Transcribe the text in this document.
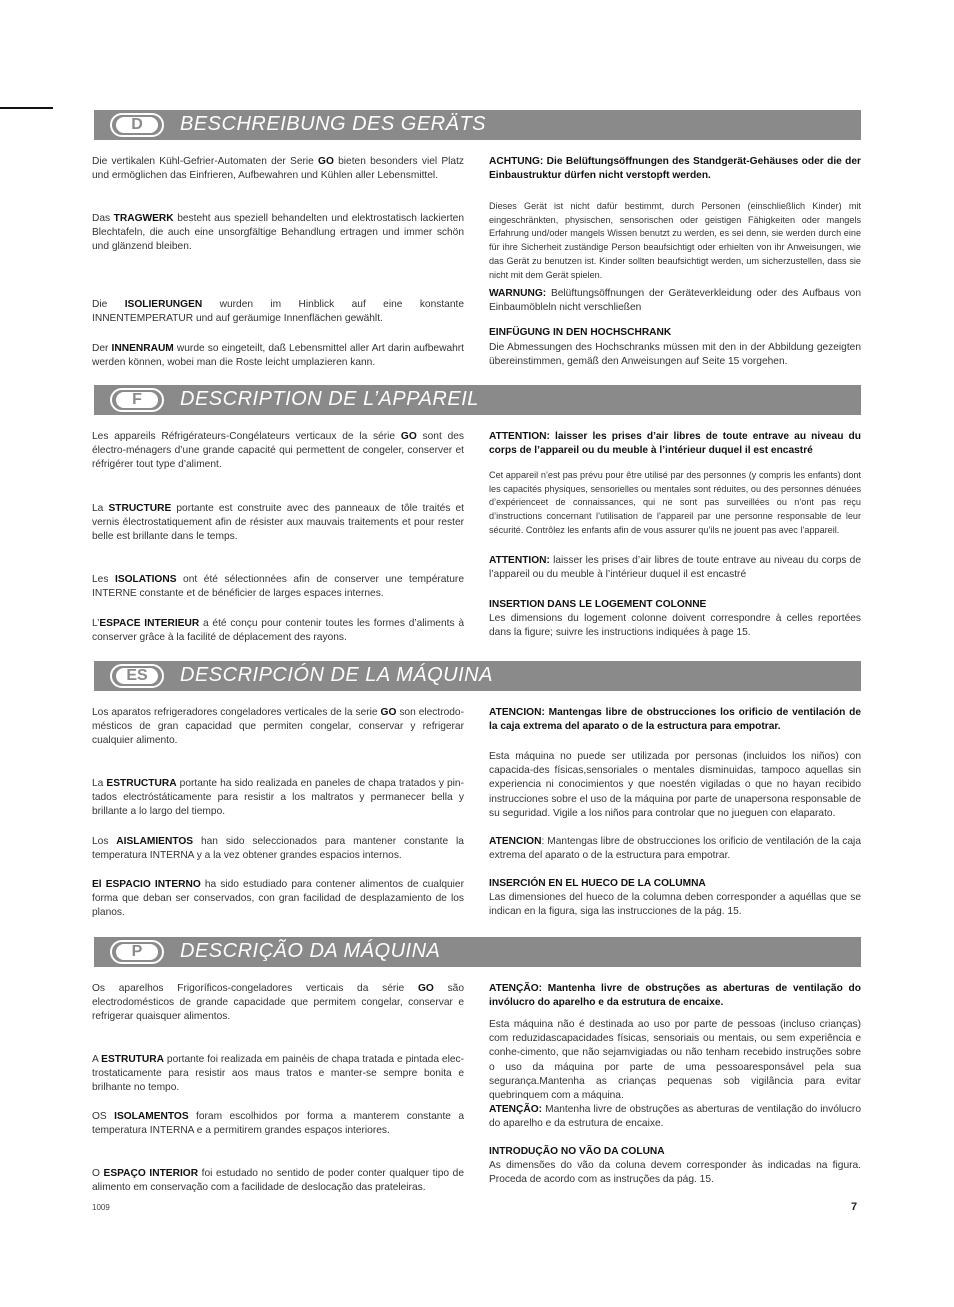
D	BESCHREIBUNG DES GERÄTS

Die vertikalen Kühl-Gefrier-Automaten der Serie GO bieten besonders viel Platz und ermöglichen das Einfrieren, Aufbewahren und Kühlen aller Lebensmittel.

Das TRAGWERK besteht aus speziell behandelten und elektrostatisch lackierten Blechtafeln, die auch eine unsorgfältige Behandlung ertragen und immer schön und glänzend bleiben.

Die ISOLIERUNGEN wurden im Hinblick auf eine konstante INNENTEMPERATUR und auf geräumige Innenflächen gewählt.

Der INNENRAUM wurde so eingeteilt, daß Lebensmittel aller Art darin aufbewahrt werden können, wobei man die Roste leicht umplazieren kann.

ACHTUNG: Die Belüftungsöffnungen des Standgerät-Gehäuses oder die der Einbaustruktur dürfen nicht verstopft werden.

Dieses Gerät ist nicht dafür bestimmt, durch Personen (einschließlich Kinder) mit eingeschränkten, physischen, sensorischen oder geistigen Fähigkeiten oder mangels Erfahrung und/oder mangels Wissen benutzt zu werden, es sei denn, sie werden durch eine für ihre Sicherheit zuständige Person beaufsichtigt oder erhielten von ihr Anweisungen, wie das Gerät zu benutzen ist. Kinder sollten beaufsichtigt werden, um sicherzustellen, dass sie nicht mit dem Gerät spielen.

WARNUNG: Belüftungsöffnungen der Geräteverkleidung oder des Aufbaus von Einbaumöbleln nicht verschließen

EINFÜGUNG IN DEN HOCHSCHRANK

Die Abmessungen des Hochschranks müssen mit den in der Abbildung gezeigten übereinstimmen, gemäß den Anweisungen auf Seite 15 vorgehen.

F	DESCRIPTION DE L’APPAREIL

Les appareils Réfrigérateurs-Congélateurs verticaux de la série GO sont des électro-ménagers d’une grande capacité qui permettent de congeler, conserver et réfrigérer tout type d’aliment.

La STRUCTURE portante est construite avec des panneaux de tôle traités et vernis électrostatiquement afin de résister aux mauvais traitements et pour rester belle est brillante dans le temps.

Les ISOLATIONS ont été sélectionnées afin de conserver une température INTERNE constante et de bénéficier de larges espaces internes.

L’ESPACE INTERIEUR a été conçu pour contenir toutes les formes d’aliments à conserver grâce à la facilité de déplacement des rayons.

ATTENTION: laisser les prises d’air libres de toute entrave au niveau du corps de l’appareil ou du meuble à l’intérieur duquel il est encastré

Cet appareil n’est pas prévu pour être utilisé par des personnes (y compris les enfants) dont les capacités physiques, sensorielles ou mentales sont réduites, ou des personnes dénuées d’expérienceet de connaissances, qui ne sont pas surveillées ou n’ont pas reçu d’instructions concernant l’utilisation de l’appareil par une personne responsable de leur sécurité. Contrôlez les enfants afin de vous assurer qu’ils ne jouent pas avec l’appareil.

ATTENTION: laisser les prises d’air libres de toute entrave au niveau du corps de l’appareil ou du meuble à l’intérieur duquel il est encastré

INSERTION DANS LE LOGEMENT COLONNE

Les dimensions du logement colonne doivent correspondre à celles reportées dans la figure; suivre les instructions indiquées à page 15.

ES	DESCRIPCIÓN DE LA MÁQUINA

Los aparatos refrigeradores congeladores verticales de la serie GO son electrodo-mésticos de gran capacidad que permiten congelar, conservar y refrigerar cualquier alimento.

La ESTRUCTURA portante ha sido realizada en paneles de chapa tratados y pin-tados electróstáticamente para resistir a los maltratos y permanecer bella y brillante a lo largo del tiempo.

Los AISLAMIENTOS han sido seleccionados para mantener constante la temperatura INTERNA y a la vez obtener grandes espacios internos.

El ESPACIO INTERNO ha sido estudiado para contener alimentos de cualquier forma que deban ser conservados, con gran facilidad de desplazamiento de los planos.

ATENCION: Mantengas libre de obstrucciones los orificio de ventilación de la caja extrema del aparato o de la estructura para empotrar.

Esta máquina no puede ser utilizada por personas (incluidos los niños) con capacida-des físicas,sensoriales o mentales disminuidas, tampoco aquellas sin experiencia ni conocimientos y que noestén vigiladas o que no hayan recibido instrucciones sobre el uso de la máquina por parte de unapersona responsable de su seguridad. Vigile a los niños para controlar que no jueguen con elaparato.

ATENCION: Mantengas libre de obstrucciones los orificio de ventilación de la caja extrema del aparato o de la estructura para empotrar.

INSERCIÓN EN EL HUECO DE LA COLUMNA

Las dimensiones del hueco de la columna deben corresponder a aquéllas que se indican en la figura, siga las instrucciones de la pág. 15.

P	DESCRIÇÃO DA MÁQUINA

Os aparelhos Frigoríficos-congeladores verticais da série GO são electrodomésticos de grande capacidade que permitem congelar, conservar e refrigerar quaisquer alimentos.

A ESTRUTURA portante foi realizada em painéis de chapa tratada e pintada elec-trostaticamente para resistir aos maus tratos e manter-se sempre bonita e brilhante no tempo.

OS ISOLAMENTOS foram escolhidos por forma a manterem constante a temperatura INTERNA e a permitirem grandes espaços interiores.

O ESPAÇO INTERIOR foi estudado no sentido de poder conter qualquer tipo de alimento em conservação com a facilidade de deslocação das prateleiras.

ATENÇÃO: Mantenha livre de obstruções as aberturas de ventilação do invólucro do aparelho e da estrutura de encaixe.

Esta máquina não é destinada ao uso por parte de pessoas (incluso crianças) com reduzidascapacidades físicas, sensoriais ou mentais, ou sem experiência e conhe-cimento, que não sejamvigiadas ou não tenham recebido instruções sobre o uso da máquina por parte de uma pessoaresponsável pela sua segurança.Mantenha as crianças pequenas sob vigilância para evitar quebrinquem com a máquina.

ATENÇÃO: Mantenha livre de obstruções as aberturas de ventilação do invólucro do aparelho e da estrutura de encaixe.

INTRODUÇÃO NO VÃO DA COLUNA

As dimensões do vão da coluna devem corresponder às indicadas na figura. Proceda de acordo com as instruções da pág. 15.

1009	7
